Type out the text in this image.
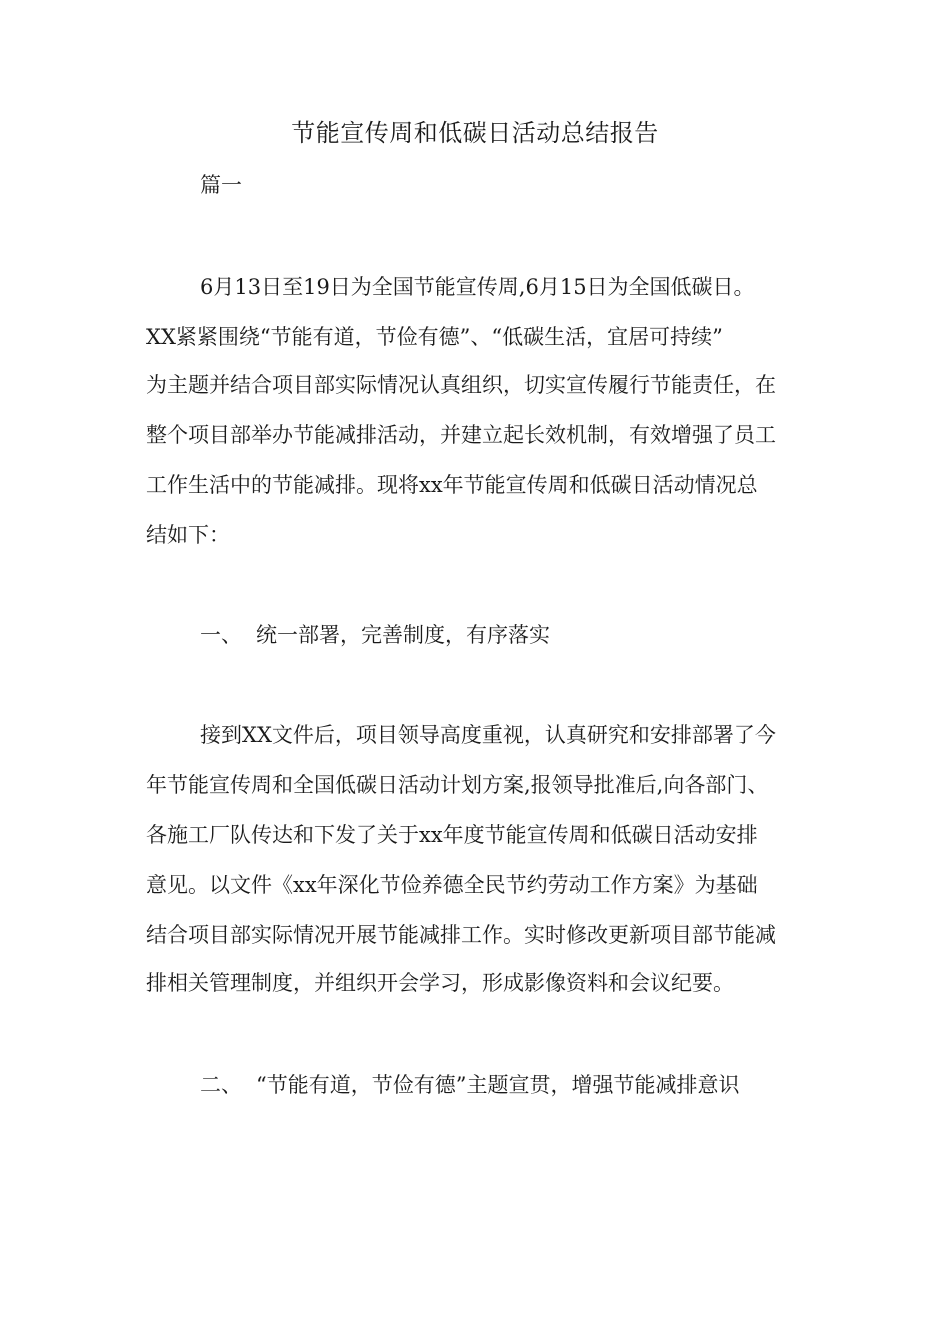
节能宣传周和低碳日活动总结报告
篇一
6月13日至19日为全国节能宣传周,6月15日为全国低碳日。
XX紧紧围绕“节能有道，节俭有德”、“低碳生活，宜居可持续”
为主题并结合项目部实际情况认真组织，切实宣传履行节能责任，在
整个项目部举办节能减排活动，并建立起长效机制，有效增强了员工
工作生活中的节能减排。现将xx年节能宣传周和低碳日活动情况总
结如下：
一、 统一部署，完善制度，有序落实
接到XX文件后，项目领导高度重视，认真研究和安排部署了今
年节能宣传周和全国低碳日活动计划方案,报领导批准后,向各部门、
各施工厂队传达和下发了关于xx年度节能宣传周和低碳日活动安排
意见。以文件《xx年深化节俭养德全民节约劳动工作方案》为基础
结合项目部实际情况开展节能减排工作。实时修改更新项目部节能减
排相关管理制度，并组织开会学习，形成影像资料和会议纪要。
二、 “节能有道，节俭有德”主题宣贯，增强节能减排意识
